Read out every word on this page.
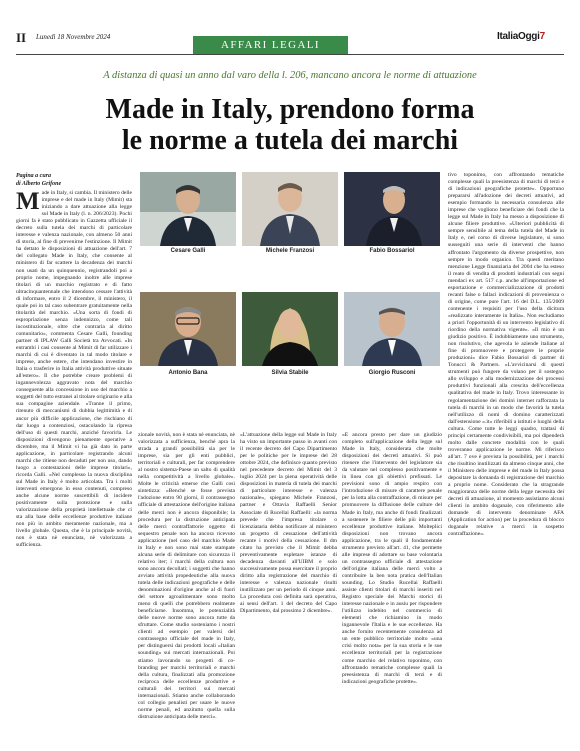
II Lunedì 18 Novembre 2024
AFFARI LEGALI
ItaliaOggi7
A distanza di quasi un anno dal varo della l. 206, mancano ancora le norme di attuazione
Made in Italy, prendono forma
le norme a tutela dei marchi
Pagina a cura
di Alberto Grifone
Made in Italy, si cambia. Il ministero delle imprese e del made in Italy (Mimit) sta iniziando a dare attuazione alla legge sul Made in Italy (l. n. 206/2023). Pochi giorni fa è stato pubblicato in Gazzetta ufficiale il decreto sulla tutela dei marchi di particolare interesse e valenza nazionale, con almeno 50 anni di storia, al fine di prevenirne l'estinzione. Il Mimit ha dettato le disposizioni di attuazione dell'art. 7 del collegato Made in Italy, che consente al ministero di far scattere la decadenza dei marchi non usati da un quinquennio, registrandoli poi a proprio nome, impegnando inoltre alle imprese titolari di un marchio registrato e di fatto ultracinquantennale che intendono cessare l'attività di informare, entro il 2 dicembre, il ministero, il quale poi in tal caso subentrare gratuitamente nella titolarità del marchio. «Una sorta di fondi di espropriazione senza indennizzo, come tali incostituzionale, oltre che contraria al diritto comunitario», commenta Cesare Galli, founding partner di IPLAW Galli Società tra Avvocati. «In entrambi i casi consente al Mimit di far utilizzare i marchi di cui è diventato in tal modo titolare e imprese, anche estere, che intendano investire in Italia o trasferire in Italia attività produttive situate all'estero». Il che potrebbe creare problemi di ingannevolezza aggravato nota del marchio conseguente alla concessione in uso del marchio a soggetti del tutto estranei al titolare originario e alla sua compagine aziendale. «Tranne il primo, ritenuto di meccanismi di dubbia legittimità e di ancor più difficile applicazione, che rischiano di dar luogo a contenziosi, ostacolando la ripresa dell'uso di questi marchi, anziché favorirla. Le disposizioni divengono pienamente operative a dicembre, ma il Mimit vi ha già dato in parte applicazione, in particolare registrando alcuni marchi che ritiene non decaduti per non uso, dando luogo a contestazioni delle imprese titolari», ricorda Galli. «Nel complesso la nuova disciplina sul Made in Italy è molto articolata. Tra i molti interventi emergono in esso contenuti, compreso anche alcune norme suscettibili di incidere positivamente sulla protezione e sulla valorizzazione della proprietà intellettuale che ci sta alla base delle eccellenze produttive italiane non più in ambito meramente nazionale, ma a livello globale. Questa, che è la principale novità, non è stata nè enunciata, nè valorizzata a sufficienza.
Cesare Galli	Michele Franzosi	Fabio Bossariol
Antonio Bana	Silvia Stabile	Giorgio Rusconi
zionale novità, non è stata nè enunciata, nè valorizzata a sufficienza, benché apra la strada a grandi possibilità sia per le imprese, sia per gli enti pubblici, territoriali e culturali, per far comprendere al nostro sistema-Paese un salto di qualità nella competitività a livello globale». Molte le criticità emerse che Galli così sintetizza: «Benché se fosse prevista l'adozione entro 90 giorni, il contrassegno ufficiale di attestazione dell'origine italiana delle merci non è ancora disponibile; la procedura per la distruzione anticipata delle merci contraffattorie oggetto di sequestro penale non ha ancora ricevuto applicazione (nel caso del marchio Made in Italy e non sono mai state stampate alcuna serie di delimitare con sicurezza il relativo iter; i marchi della cultura non sono ancora decollati; i soggetti che hanno avviato attività propedeutiche alla nuova tutela delle indicazioni geografiche e delle denominazioni d'origine anche al di fuori del settore agroalimentare sono molto meno di quelli che potrebbero realmente beneficiarne. Insomma, le potenzialità delle nuove norme sono ancora tutte da sfruttare. Come studio sosteniamo i nostri clienti ad esempio per valersi del contrassegno ufficiale del made in Italy, per distinguersi dai prodotti locali «Italian sounding» sui mercati internazionali. Poi stiamo lavorando su progetti di co-branding per marchi territoriali e marchi della cultura, finalizzati alla promozione reciproca delle eccellenze produttive e culturali dei territori sui mercati internazionali. Stiamo anche collaborando col collegio penalisti per usare le nuove norme penali, ed anzitutto quella sulla distruzione anticipata delle merci».
«L'attuazione della legge sul Made in Italy ha visto un importante passo in avanti con il recente decreto del Capo Dipartimento per le politiche per le imprese del 28 ottobre 2024, che definisce quanto previsto nel precedente decreto del Mimit del 3 luglio 2024 per la piena operatività delle disposizioni in materia di tutela dei marchi di particolare interesse e valenza nazionale», spiegano Michele Franzosi, partner e Ottavia Raffaelli Senior Associate di Rucellai Raffaelli: «la norma prevede che l'impresa titolare o licenziataria debba notificare al ministero un progetto di cessazione dell'attività recante i motivi della cessazione. Il dm citato ha previsto che il Mimit debba preventivamente espletare istanze di decadenza davanti all'UIBM e solo successivamente possa esercitare il proprio diritto alla registrazione del marchio di interesse e valenza nazionale risulti inutilizzato per un periodo di cinque anni. La procedura così definita sarà operativa, ai sensi dell'art. 1 del decreto del Capo Dipartimento, dal prossimo 2 dicembre».
«È ancora presto per dare un giudizio completo sull'applicazione della legge sul Made in Italy, considerata che molte disposizioni dei decreti attuativi. Si può ritenere che l'intervento del legislatore sia da valutare nel complesso positivamente e in linea con gli obiettivi prefissati. Le previsioni sono di ampio respiro con l'introduzione di misure di carattere penale per la lotta alla contraffazione, di misure per promuovere la diffusione delle culture del Made in Italy, ma anche di fondi finalizzati a sostenere le filiere delle più importanti eccellenze produttive italiane. Molteplici disposizioni non trovano ancora applicazione, tra le quali il fondamentale strumento previsto all'art. 41, che permette alle imprese di adottare su base volontaria un contrassegno ufficiale di attestazione dell'origine italiana delle merci volto a contribuire la ben nota pratica dell'Italian sounding. Lo Studio Rucellai Raffaelli assiste clienti titolari di marchi inseriti nel Registro speciale dei Marchi storici di interesse nazionale e in ausiu per rispondere l'utilizzo indebito nel commercio di elementi che richiamino in modo ingannevole l'Italia e le sue eccellenze. Ha anche fornito recentemente consulenza ad un ente pubblico territoriale molto «una crisi molto nota» per la sua storia e le sue eccellenze territoriali per la registrazione come marchio del relativo toponimo, con affrontando tematiche complesse quali la preesistenza di marchi di terzi e di indicazioni geografiche protette».
tivo toponimo, con affrontando tematiche complesse quali la preesistenza di marchi di terzi e di indicazioni geografiche protette». Opportuno prepararsi all'adozione dei decreti attuativi, ad esempio formando la necessaria consulenza alle imprese che vogliono beneficiare dei fondi che la legge sul Made in Italy ha messo a disposizione di alcune filiere produttive. «Ulteriori pubblicità di sempre sensibile al tema della tutela del Made in Italy e, nel corso di diverse legislature, si sono susseguiti una serie di interventi che hanno affrontato l'argomento da diverse prospettive, non sempre in modo organico. Tra questi meritano menzione Legge finanziaria del 2004 che ha esteso il reato di vendita di prodotti industriali con segni mendaci ex art. 517 c.p. anche all'importazione ed esportazione e commercializzazione di prodotti recanti false o fallaci indicazioni di provenienza o di origine, come pure l'art. 16 del D.L. 135/2009 contenente i requisiti per l'uso della dicitura «realizzato interamente in Italia». Non escludiamo a priori l'opportunità di un intervento legislativo di riordino della normativa vigente». «Il mio è un giudizio positivo. È indubbiamente uno strumento, non risolutivo, che agevola le aziende italiane al fine di promuovere e proteggere le proprie produzioni» dice Fabio Bossariol di partner di Tonucci & Partners. «L'avvicinarsi di questi strumenti può fungere da volano per il sostegno allo sviluppo e alla modernizzazione dei processi produttivi funzionali alla crescita dell'eccellenza qualitativa del made in Italy. Trovo interessante in regolamentazione dei domini internet rafforzata la tutela di marchi in un modo che favorirà la tutela nell'utilizzo di nomi di domino caratterizzati dall'estensione «.it» riferibili a istituti e luoghi della cultura. Come tutte le leggi quadro, trattasi di principi certamente condivisibili, ma poi dipenderà molto dalle concrete modalità con le quali troveranno applicazione le norme. Mi riferisco all'art. 7 ove è prevista la possibilità, per i marchi che risultino inutilizzati da almeno cinque anni, che il Ministero delle imprese e del made in Italy possa depositare la domanda di registrazione del marchio a proprio nome. Considerato che la stragrande maggioranza delle norme della legge necessita dei decreti di attuazione, al momento assistiamo alcuni clienti in ambito doganale, con riferimento alle domande di intervento denominate AFA (Application for action) per la procedura di blocco doganale relative a merci in sospetto contraffazione».
